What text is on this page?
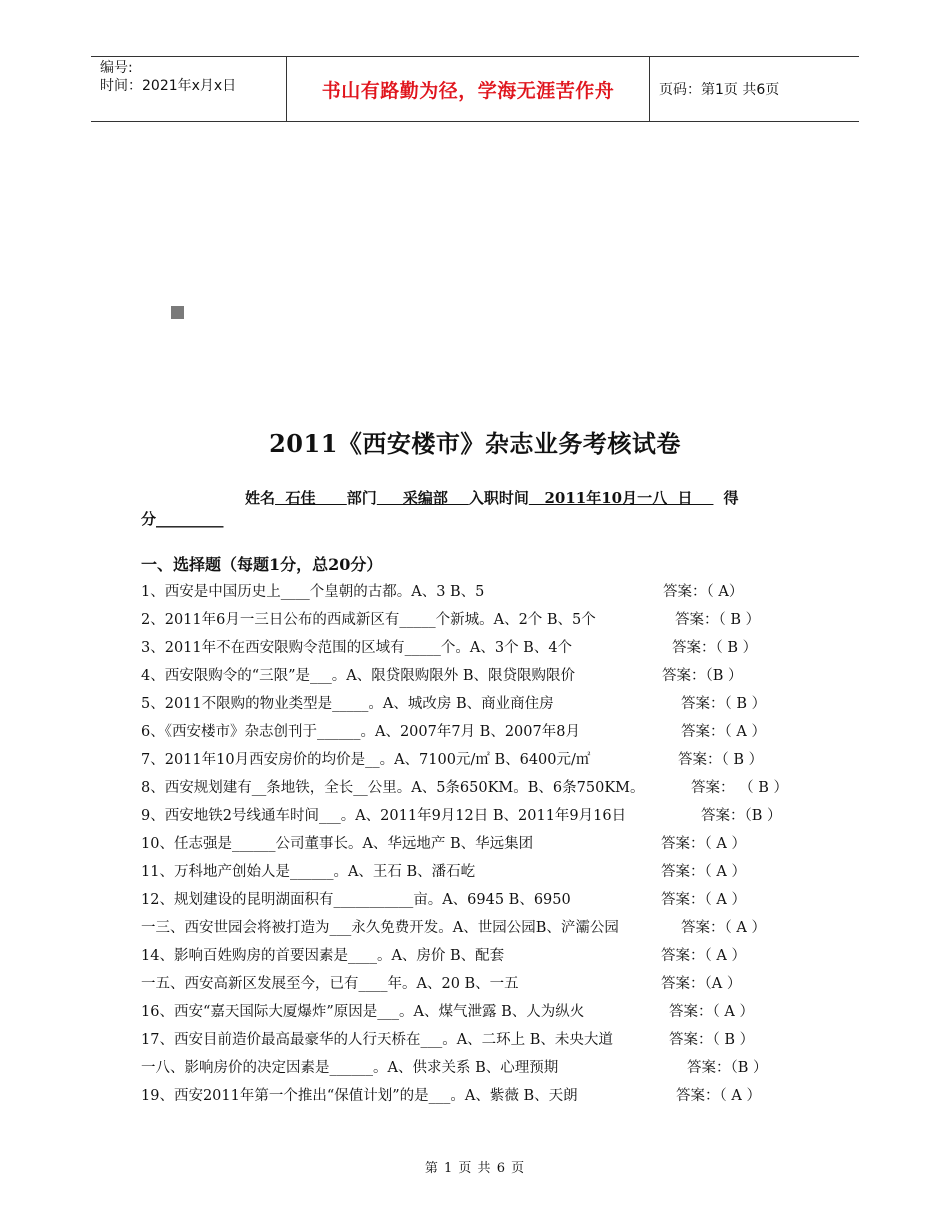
编号:
时间：2021年x月x日	书山有路勤为径，学海无涯苦作舟	页码：第1页 共6页
2011《西安楼市》杂志业务考核试卷
姓名  石佳      部门     采编部    入职时间   2011年10月一八  日    得
分_________
一、选择题（每题1分，总20分）
1、西安是中国历史上____个皇朝的古都。A、3 B、5	答案：（ A）
2、2011年6月一三日公布的西咸新区有_____个新城。A、2个 B、5个	答案：（ B ）
3、2011年不在西安限购令范围的区域有_____个。A、3个 B、4个	答案：（ B ）
4、西安限购令的“三限”是___。A、限贷限购限外 B、限贷限购限价	答案：（B ）
5、2011不限购的物业类型是_____。A、城改房 B、商业商住房	答案：（ B ）
6、《西安楼市》杂志创刊于______。A、2007年7月 B、2007年8月	答案：（ A ）
7、2011年10月西安房价的均价是__。A、7100元/㎡ B、6400元/㎡	答案：（ B ）
8、西安规划建有__条地铁，全长__公里。A、5条650KM。B、6条750KM。	答案： （ B ）
9、西安地铁2号线通车时间___。A、2011年9月12日 B、2011年9月16日	答案：（B ）
10、任志强是______公司董事长。A、华远地产 B、华远集团	答案：（ A ）
11、万科地产创始人是______。A、王石 B、潘石屹	答案：（ A ）
12、规划建设的昆明湖面积有___________亩。A、6945 B、6950	答案：（ A ）
一三、西安世园会将被打造为___永久免费开发。A、世园公园B、浐灞公园	答案：（ A ）
14、影响百姓购房的首要因素是____。A、房价 B、配套	答案：（ A ）
一五、西安高新区发展至今，已有____年。A、20 B、一五	答案：（A ）
16、西安“嘉天国际大厦爆炸”原因是___。A、煤气泄露 B、人为纵火	答案：（ A ）
17、西安目前造价最高最豪华的人行天桥在___。A、二环上 B、未央大道	答案：（ B ）
一八、影响房价的决定因素是______。A、供求关系 B、心理预期	答案：（B ）
19、西安2011年第一个推出“保值计划”的是___。A、紫薇 B、天朗	答案：（ A ）
第 1 页 共 6 页
